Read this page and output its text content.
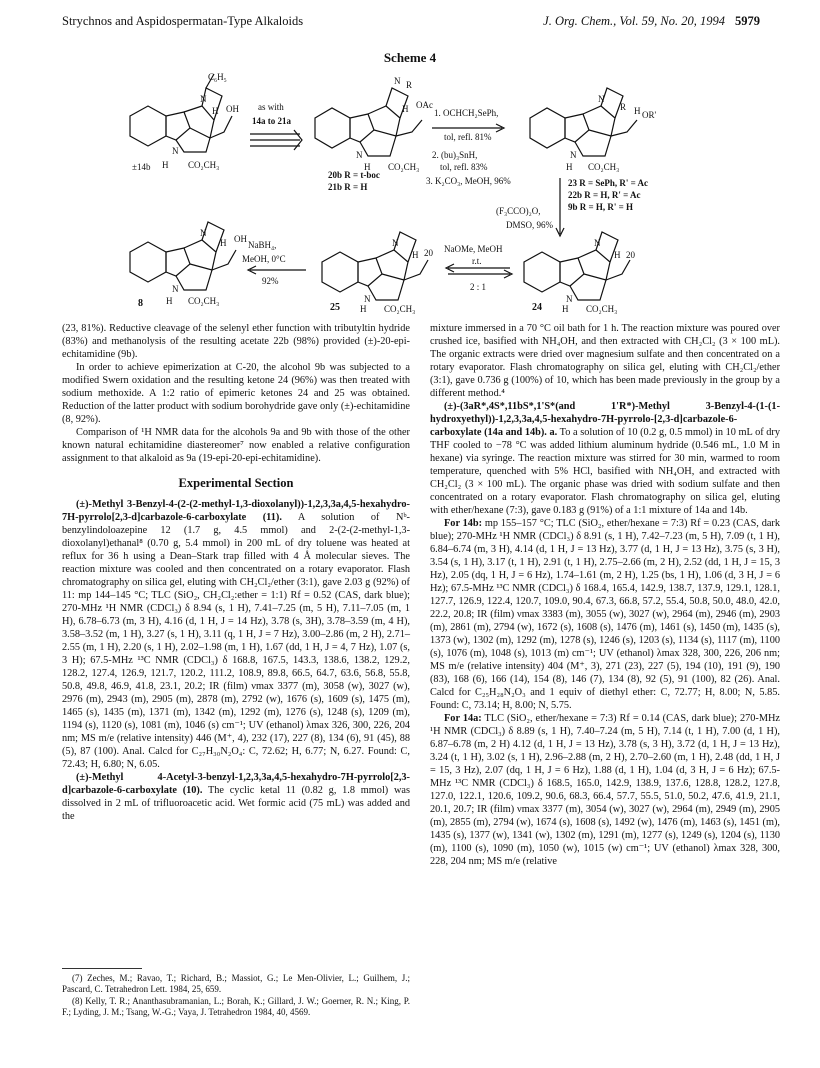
Strychnos and Aspidospermatan-Type Alkaloids	J. Org. Chem., Vol. 59, No. 20, 1994 5979
Scheme 4
C₆H₅
N
H OH
N
±14b H CO₂CH₃
as with
14a to 21a
N R
H OAc
N
H CO₂CH₃
20b R = t-boc
21b R = H
1. OCHCH₂SePh,
tol, refl. 81%
2. (bu)₃SnH,
tol, refl. 83%
3. K₂CO₃, MeOH, 96%
N
R H OR'
N
H CO₂CH₃
23 R = SePh, R' = Ac
22b R = H, R' = Ac
9b R = H, R' = H
(F₃CCO)₂O,
DMSO, 96%
N
H OH
N
H CO₂CH₃
8
NaBH₄,
MeOH, 0°C
92%
N
H 20
N
H CO₂CH₃
25
NaOMe, MeOH
r.t.
2 : 1
N
H 20
N
H CO₂CH₃
24

(23, 81%). Reductive cleavage of the selenyl ether function with tributyltin hydride (83%) and methanolysis of the resulting acetate 22b (98%) provided (±)-20-epi-echitamidine (9b).

In order to achieve epimerization at C-20, the alcohol 9b was subjected to a modified Swern oxidation and the resulting ketone 24 (96%) was then treated with sodium methoxide. A 1:2 ratio of epimeric ketones 24 and 25 was obtained. Reduction of the latter product with sodium borohydride gave only (±)-echitamidine (8, 92%).

Comparison of ¹H NMR data for the alcohols 9a and 9b with those of the other known natural echitamidine diastereomer⁷ now enabled a relative configuration assignment to that alkaloid as 9a (19-epi-20-epi-echitamidine).

Experimental Section

(±)-Methyl 3-Benzyl-4-(2-(2-methyl-1,3-dioxolanyl))-1,2,3,3a,4,5-hexahydro-7H-pyrrolo[2,3-d]carbazole-6-carboxylate (11). A solution of Nᵇ-benzylindoloazepine 12 (1.7 g, 4.5 mmol) and 2-(2-(2-methyl-1,3-dioxolanyl)ethanal⁸ (0.70 g, 5.4 mmol) in 200 mL of dry toluene was heated at reflux for 36 h using a Dean–Stark trap filled with 4 Å molecular sieves. The reaction mixture was cooled and then concentrated on a rotary evaporator. Flash chromatography on silica gel, eluting with CH₂Cl₂/ether (3:1), gave 2.03 g (92%) of 11: mp 144–145 °C; TLC (SiO₂, CH₂Cl₂:ether = 1:1) Rf = 0.52 (CAS, dark blue); 270-MHz ¹H NMR (CDCl₃) δ 8.94 (s, 1 H), 7.41–7.25 (m, 5 H), 7.11–7.05 (m, 1 H), 6.78–6.73 (m, 3 H), 4.16 (d, 1 H, J = 14 Hz), 3.78 (s, 3H), 3.78–3.59 (m, 4 H), 3.58–3.52 (m, 1 H), 3.27 (s, 1 H), 3.11 (q, 1 H, J = 7 Hz), 3.00–2.86 (m, 2 H), 2.71–2.55 (m, 1 H), 2.20 (s, 1 H), 2.02–1.98 (m, 1 H), 1.67 (dd, 1 H, J = 4, 7 Hz), 1.07 (s, 3 H); 67.5-MHz ¹³C NMR (CDCl₃) δ 168.8, 167.5, 143.3, 138.6, 138.2, 129.2, 128.2, 127.4, 126.9, 121.7, 120.2, 111.2, 108.9, 89.8, 66.5, 64.7, 63.6, 56.8, 55.8, 50.8, 49.8, 46.9, 41.8, 23.1, 20.2; IR (film) νmax 3377 (m), 3058 (w), 3027 (w), 2976 (m), 2943 (m), 2905 (m), 2878 (m), 2792 (w), 1676 (s), 1609 (s), 1475 (m), 1465 (s), 1435 (m), 1371 (m), 1342 (m), 1292 (m), 1276 (s), 1248 (s), 1209 (m), 1194 (s), 1120 (s), 1081 (m), 1046 (s) cm⁻¹; UV (ethanol) λmax 326, 300, 226, 204 nm; MS m/e (relative intensity) 446 (M⁺, 4), 232 (17), 227 (8), 134 (6), 91 (45), 88 (5), 87 (100). Anal. Calcd for C₂₇H₃₀N₂O₄: C, 72.62; H, 6.77; N, 6.27. Found: C, 72.43; H, 6.80; N, 6.05.

(±)-Methyl 4-Acetyl-3-benzyl-1,2,3,3a,4,5-hexahydro-7H-pyrrolo[2,3-d]carbazole-6-carboxylate (10). The cyclic ketal 11 (0.82 g, 1.8 mmol) was dissolved in 2 mL of trifluoroacetic acid. Wet formic acid (75 mL) was added and the

(7) Zeches, M.; Ravao, T.; Richard, B.; Massiot, G.; Le Men-Olivier, L.; Guilhem, J.; Pascard, C. Tetrahedron Lett. 1984, 25, 659.

(8) Kelly, T. R.; Ananthasubramanian, L.; Borah, K.; Gillard, J. W.; Goerner, R. N.; King, P. F.; Lyding, J. M.; Tsang, W.-G.; Vaya, J. Tetrahedron 1984, 40, 4569.

mixture immersed in a 70 °C oil bath for 1 h. The reaction mixture was poured over crushed ice, basified with NH₄OH, and then extracted with CH₂Cl₂ (3 × 100 mL). The organic extracts were dried over magnesium sulfate and then concentrated on a rotary evaporator. Flash chromatography on silica gel, eluting with CH₂Cl₂/ether (3:1), gave 0.736 g (100%) of 10, which has been made previously in the group by a different method.⁴

(±)-(3aR*,4S*,11bS*,1'S*(and 1'R*)-Methyl 3-Benzyl-4-(1-(1-hydroxyethyl))-1,2,3,3a,4,5-hexahydro-7H-pyrrolo-[2,3-d]carbazole-6-carboxylate (14a and 14b). a. To a solution of 10 (0.2 g, 0.5 mmol) in 10 mL of dry THF cooled to −78 °C was added lithium aluminum hydride (0.546 mL, 1.0 M in hexane) via syringe. The reaction mixture was stirred for 30 min, warmed to room temperature, quenched with 5% HCl, basified with NH₄OH, and extracted with CH₂Cl₂ (3 × 100 mL). The organic phase was dried with sodium sulfate and then concentrated on a rotary evaporator. Flash chromatography on silica gel, eluting with ether/hexane (7:3), gave 0.183 g (91%) of a 1:1 mixture of 14a and 14b.

For 14b: mp 155–157 °C; TLC (SiO₂, ether/hexane = 7:3) Rf = 0.23 (CAS, dark blue); 270-MHz ¹H NMR (CDCl₃) δ 8.91 (s, 1 H), 7.42–7.23 (m, 5 H), 7.09 (t, 1 H), 6.84–6.74 (m, 3 H), 4.14 (d, 1 H, J = 13 Hz), 3.77 (d, 1 H, J = 13 Hz), 3.75 (s, 3 H), 3.54 (s, 1 H), 3.17 (t, 1 H), 2.91 (t, 1 H), 2.75–2.66 (m, 2 H), 2.52 (dd, 1 H, J = 15, 3 Hz), 2.05 (dq, 1 H, J = 6 Hz), 1.74–1.61 (m, 2 H), 1.25 (bs, 1 H), 1.06 (d, 3 H, J = 6 Hz); 67.5-MHz ¹³C NMR (CDCl₃) δ 168.4, 165.4, 142.9, 138.7, 137.9, 129.1, 128.1, 127.7, 126.9, 122.4, 120.7, 109.0, 90.4, 67.3, 66.8, 57.2, 55.4, 50.8, 50.0, 48.0, 42.0, 22.2, 20.8; IR (film) νmax 3383 (m), 3055 (w), 3027 (w), 2964 (m), 2946 (m), 2903 (m), 2861 (m), 2794 (w), 1672 (s), 1608 (s), 1476 (m), 1461 (s), 1450 (m), 1435 (s), 1373 (w), 1302 (m), 1292 (m), 1278 (s), 1246 (s), 1203 (s), 1134 (s), 1117 (m), 1100 (s), 1076 (m), 1048 (s), 1013 (m) cm⁻¹; UV (ethanol) λmax 328, 300, 226, 206 nm; MS m/e (relative intensity) 404 (M⁺, 3), 271 (23), 227 (5), 194 (10), 191 (9), 190 (83), 168 (6), 166 (14), 154 (8), 146 (7), 134 (8), 92 (5), 91 (100), 82 (26). Anal. Calcd for C₂₅H₂₈N₂O₃ and 1 equiv of diethyl ether: C, 72.77; H, 8.00; N, 5.85. Found: C, 73.14; H, 8.00; N, 5.75.

For 14a: TLC (SiO₂, ether/hexane = 7:3) Rf = 0.14 (CAS, dark blue); 270-MHz ¹H NMR (CDCl₃) δ 8.89 (s, 1 H), 7.40–7.24 (m, 5 H), 7.14 (t, 1 H), 7.00 (d, 1 H), 6.87–6.78 (m, 2 H) 4.12 (d, 1 H, J = 13 Hz), 3.78 (s, 3 H), 3.72 (d, 1 H, J = 13 Hz), 3.24 (t, 1 H), 3.02 (s, 1 H), 2.96–2.88 (m, 2 H), 2.70–2.60 (m, 1 H), 2.48 (dd, 1 H, J = 15, 3 Hz), 2.07 (dq, 1 H, J = 6 Hz), 1.88 (d, 1 H), 1.04 (d, 3 H, J = 6 Hz); 67.5-MHz ¹³C NMR (CDCl₃) δ 168.5, 165.0, 142.9, 138.9, 137.6, 128.8, 128.2, 127.8, 127.0, 122.1, 120.6, 109.2, 90.6, 68.3, 66.4, 57.7, 55.5, 51.0, 50.2, 47.6, 41.9, 21.1, 20.1, 20.7; IR (film) νmax 3377 (m), 3054 (w), 3027 (w), 2964 (m), 2949 (m), 2905 (m), 2855 (m), 2794 (w), 1674 (s), 1608 (s), 1492 (w), 1476 (m), 1463 (s), 1451 (m), 1435 (s), 1377 (w), 1341 (w), 1302 (m), 1291 (m), 1277 (s), 1249 (s), 1204 (s), 1130 (m), 1100 (s), 1090 (m), 1050 (w), 1015 (w) cm⁻¹; UV (ethanol) λmax 328, 300, 228, 204 nm; MS m/e (relative
